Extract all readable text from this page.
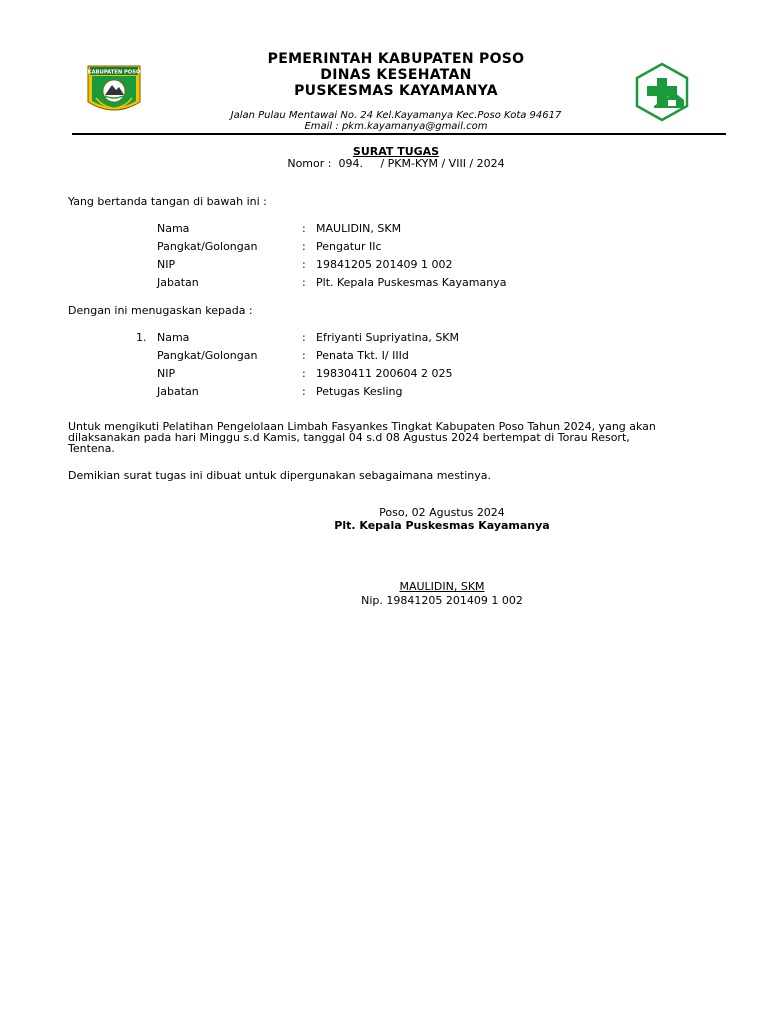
KABUPATEN POSO
PEMERINTAH KABUPATEN POSO
DINAS KESEHATAN
PUSKESMAS KAYAMANYA
Jalan Pulau Mentawai No. 24 Kel.Kayamanya Kec.Poso Kota 94617
Email : pkm.kayamanya@gmail.com
SURAT TUGAS
Nomor :  094.     / PKM-KYM / VIII / 2024
Yang bertanda tangan di bawah ini :
Nama	: MAULIDIN, SKM
Pangkat/Golongan	: Pengatur IIc
NIP	: 19841205 201409 1 002
Jabatan	: Plt. Kepala Puskesmas Kayamanya
Dengan ini menugaskan kepada :
1. Nama	: Efriyanti Supriyatina, SKM
Pangkat/Golongan	: Penata Tkt. I/ IIId
NIP	: 19830411 200604 2 025
Jabatan	: Petugas Kesling
Untuk mengikuti Pelatihan Pengelolaan Limbah Fasyankes Tingkat Kabupaten Poso Tahun 2024, yang akan
dilaksanakan pada hari Minggu s.d Kamis, tanggal 04 s.d 08 Agustus 2024 bertempat di Torau Resort,
Tentena.
Demikian surat tugas ini dibuat untuk dipergunakan sebagaimana mestinya.
Poso, 02 Agustus 2024
Plt. Kepala Puskesmas Kayamanya
MAULIDIN, SKM
Nip. 19841205 201409 1 002
